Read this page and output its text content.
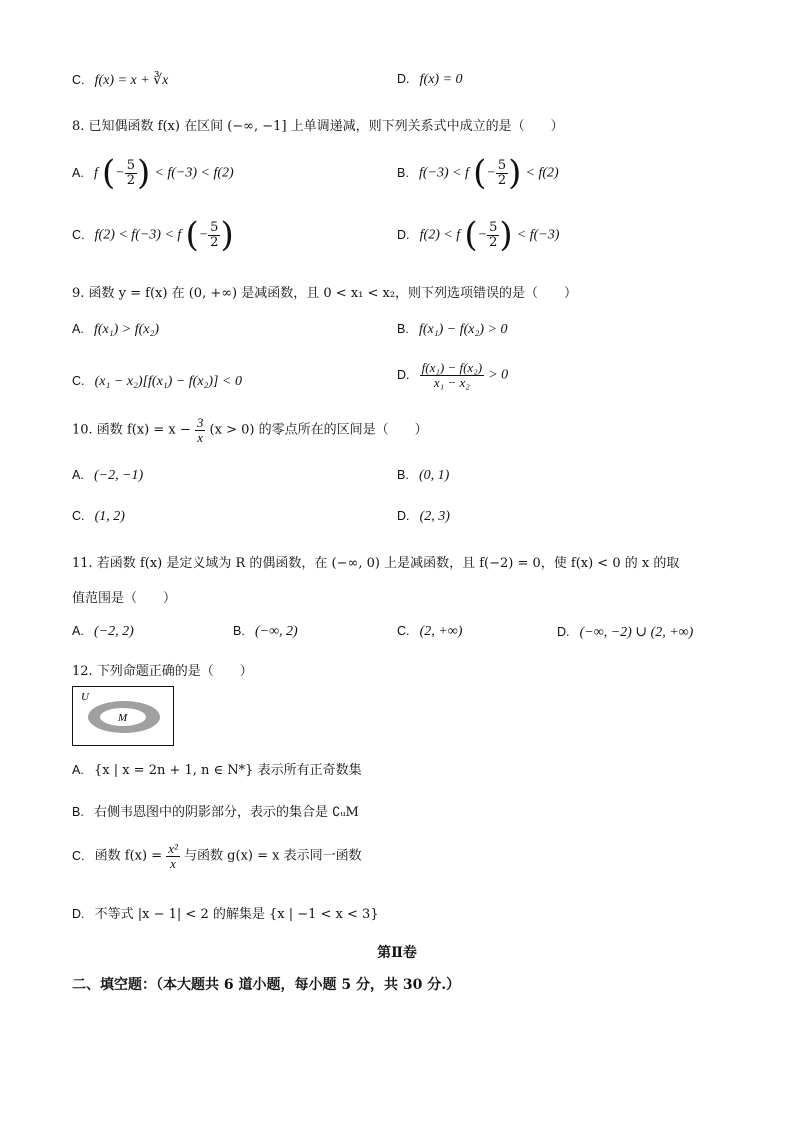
C. f(x) = x + ∛x	D. f(x) = 0
8. 已知偶函数 f(x) 在区间 (−∞, −1] 上单调递减，则下列关系式中成立的是（　　）
A. f (− $\frac{5}{2}$ ) < f(−3) < f(2)	B. f(−3) < f (− $\frac{5}{2}$ ) < f(2)
C. f(2) < f(−3) < f (− $\frac{5}{2}$ )	D. f(2) < f (− $\frac{5}{2}$ ) < f(−3)
9. 函数 y = f(x) 在 (0, +∞) 是减函数，且 0 < x₁ < x₂，则下列选项错误的是（　　）
A. f(x₁) > f(x₂)	B. f(x₁) − f(x₂) > 0
C. (x₁ − x₂)[f(x₁) − f(x₂)] < 0	D. $\frac{\text{f(x₁) − f(x₂)}}{\text{x₁ − x₂}} > 0$
10. 函数 $f(x) = x - \frac{3}{x} (x > 0)$ 的零点所在的区间是（　　）
A. (−2, −1)	B. (0, 1)
C. (1, 2)	D. (2, 3)
11. 若函数 f(x) 是定义域为 R 的偶函数，在 (−∞, 0) 上是减函数，且 f(−2) = 0，使 f(x) < 0 的 x 的取
值范围是（　　）
A. (−2, 2)	B. (−∞, 2)	C. (2, +∞)	D. (−∞, −2) ∪ (2, +∞)
12. 下列命题正确的是（　　）
U
M
A. {x | x = 2n + 1, n ∈ N*} 表示所有正奇数集
B. 右侧韦恩图中的阴影部分，表示的集合是 ∁ᵤM
C. 函数 $f(x) = \frac{\text{x²}}{x}$ 与函数 g(x) = x 表示同一函数
D. 不等式 |x − 1| < 2 的解集是 {x | −1 < x < 3}
第Ⅱ卷
二、填空题：（本大题共 6 道小题，每小题 5 分，共 30 分.）
